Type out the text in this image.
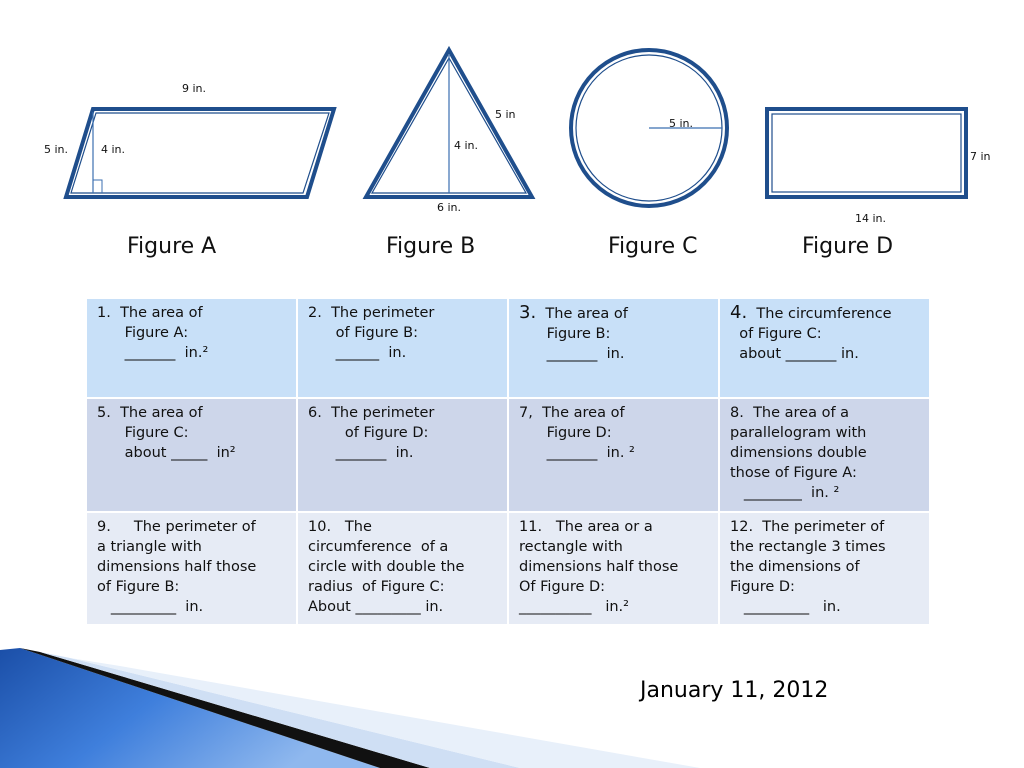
9 in.
5 in.	4 in.
5 in
4 in.
6 in.
5 in.
7 in
14 in.
Figure A	Figure B	Figure C	Figure D
1. The area of
Figure A:
_______  in.²	2. The perimeter
of Figure B:
______  in.	3. The area of
Figure B:
_______  in.	4. The circumference
of Figure C:
about _______ in.

5. The area of
Figure C:
about _____  in²	6. The perimeter
of Figure D:
_______  in.	7, The area of
Figure D:
_______  in. ²	8. The area of a
parallelogram with
dimensions double
those of Figure A:
________  in. ²

9.     The perimeter of
a triangle with
dimensions half those
of Figure B:
_________  in.	10.   The
circumference  of a
circle with double the
radius  of Figure C:
About _________ in.	11.   The area or a
rectangle with
dimensions half those
Of Figure D:
__________   in.²	12. The perimeter of
the rectangle 3 times
the dimensions of
Figure D:
_________   in.
January 11, 2012
